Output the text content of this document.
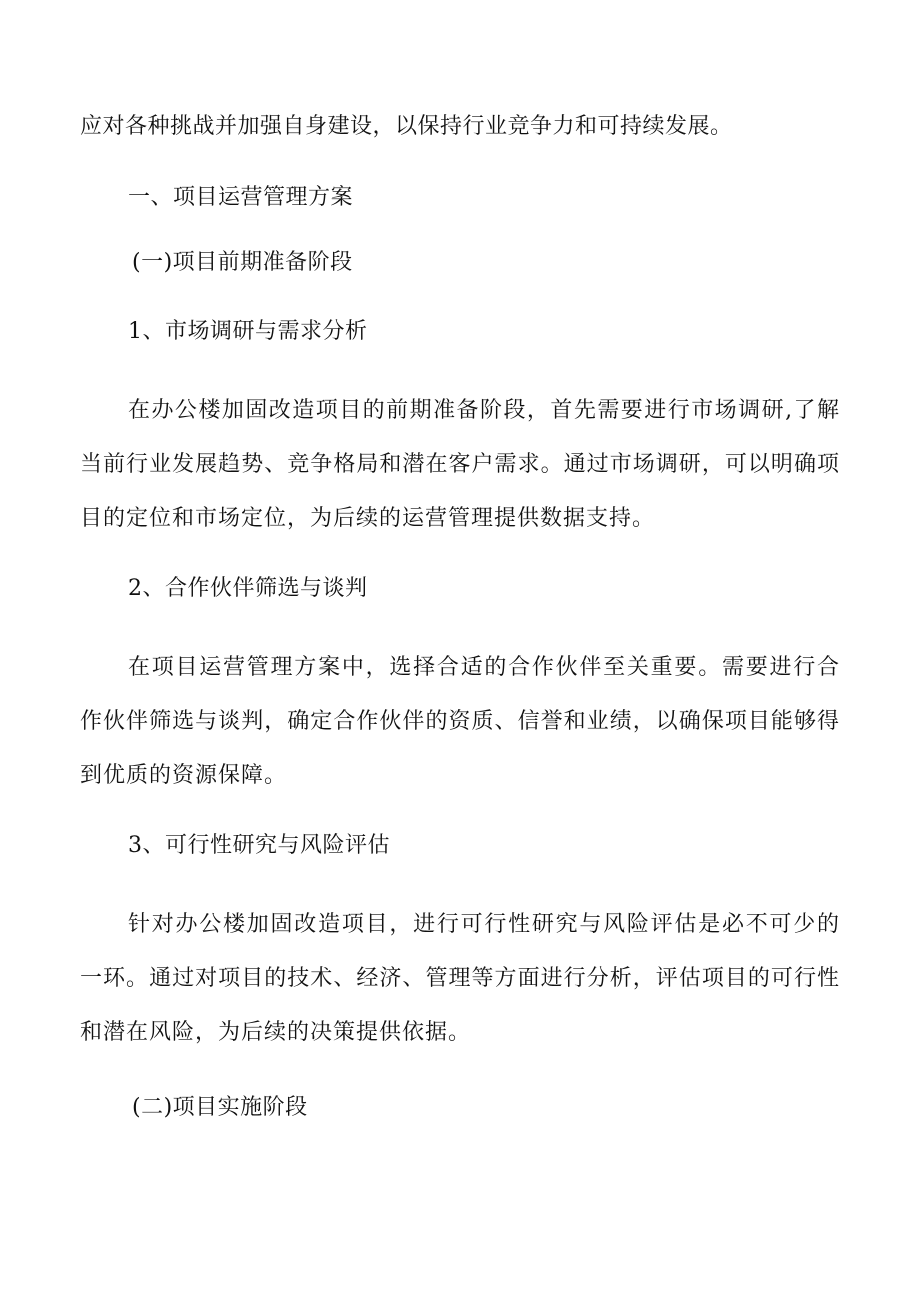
应对各种挑战并加强自身建设，以保持行业竞争力和可持续发展。
一、项目运营管理方案
(一)项目前期准备阶段
1、市场调研与需求分析
在办公楼加固改造项目的前期准备阶段，首先需要进行市场调研,了解当前行业发展趋势、竞争格局和潜在客户需求。通过市场调研，可以明确项目的定位和市场定位，为后续的运营管理提供数据支持。
2、合作伙伴筛选与谈判
在项目运营管理方案中，选择合适的合作伙伴至关重要。需要进行合作伙伴筛选与谈判，确定合作伙伴的资质、信誉和业绩，以确保项目能够得到优质的资源保障。
3、可行性研究与风险评估
针对办公楼加固改造项目，进行可行性研究与风险评估是必不可少的一环。通过对项目的技术、经济、管理等方面进行分析，评估项目的可行性和潜在风险，为后续的决策提供依据。
(二)项目实施阶段
